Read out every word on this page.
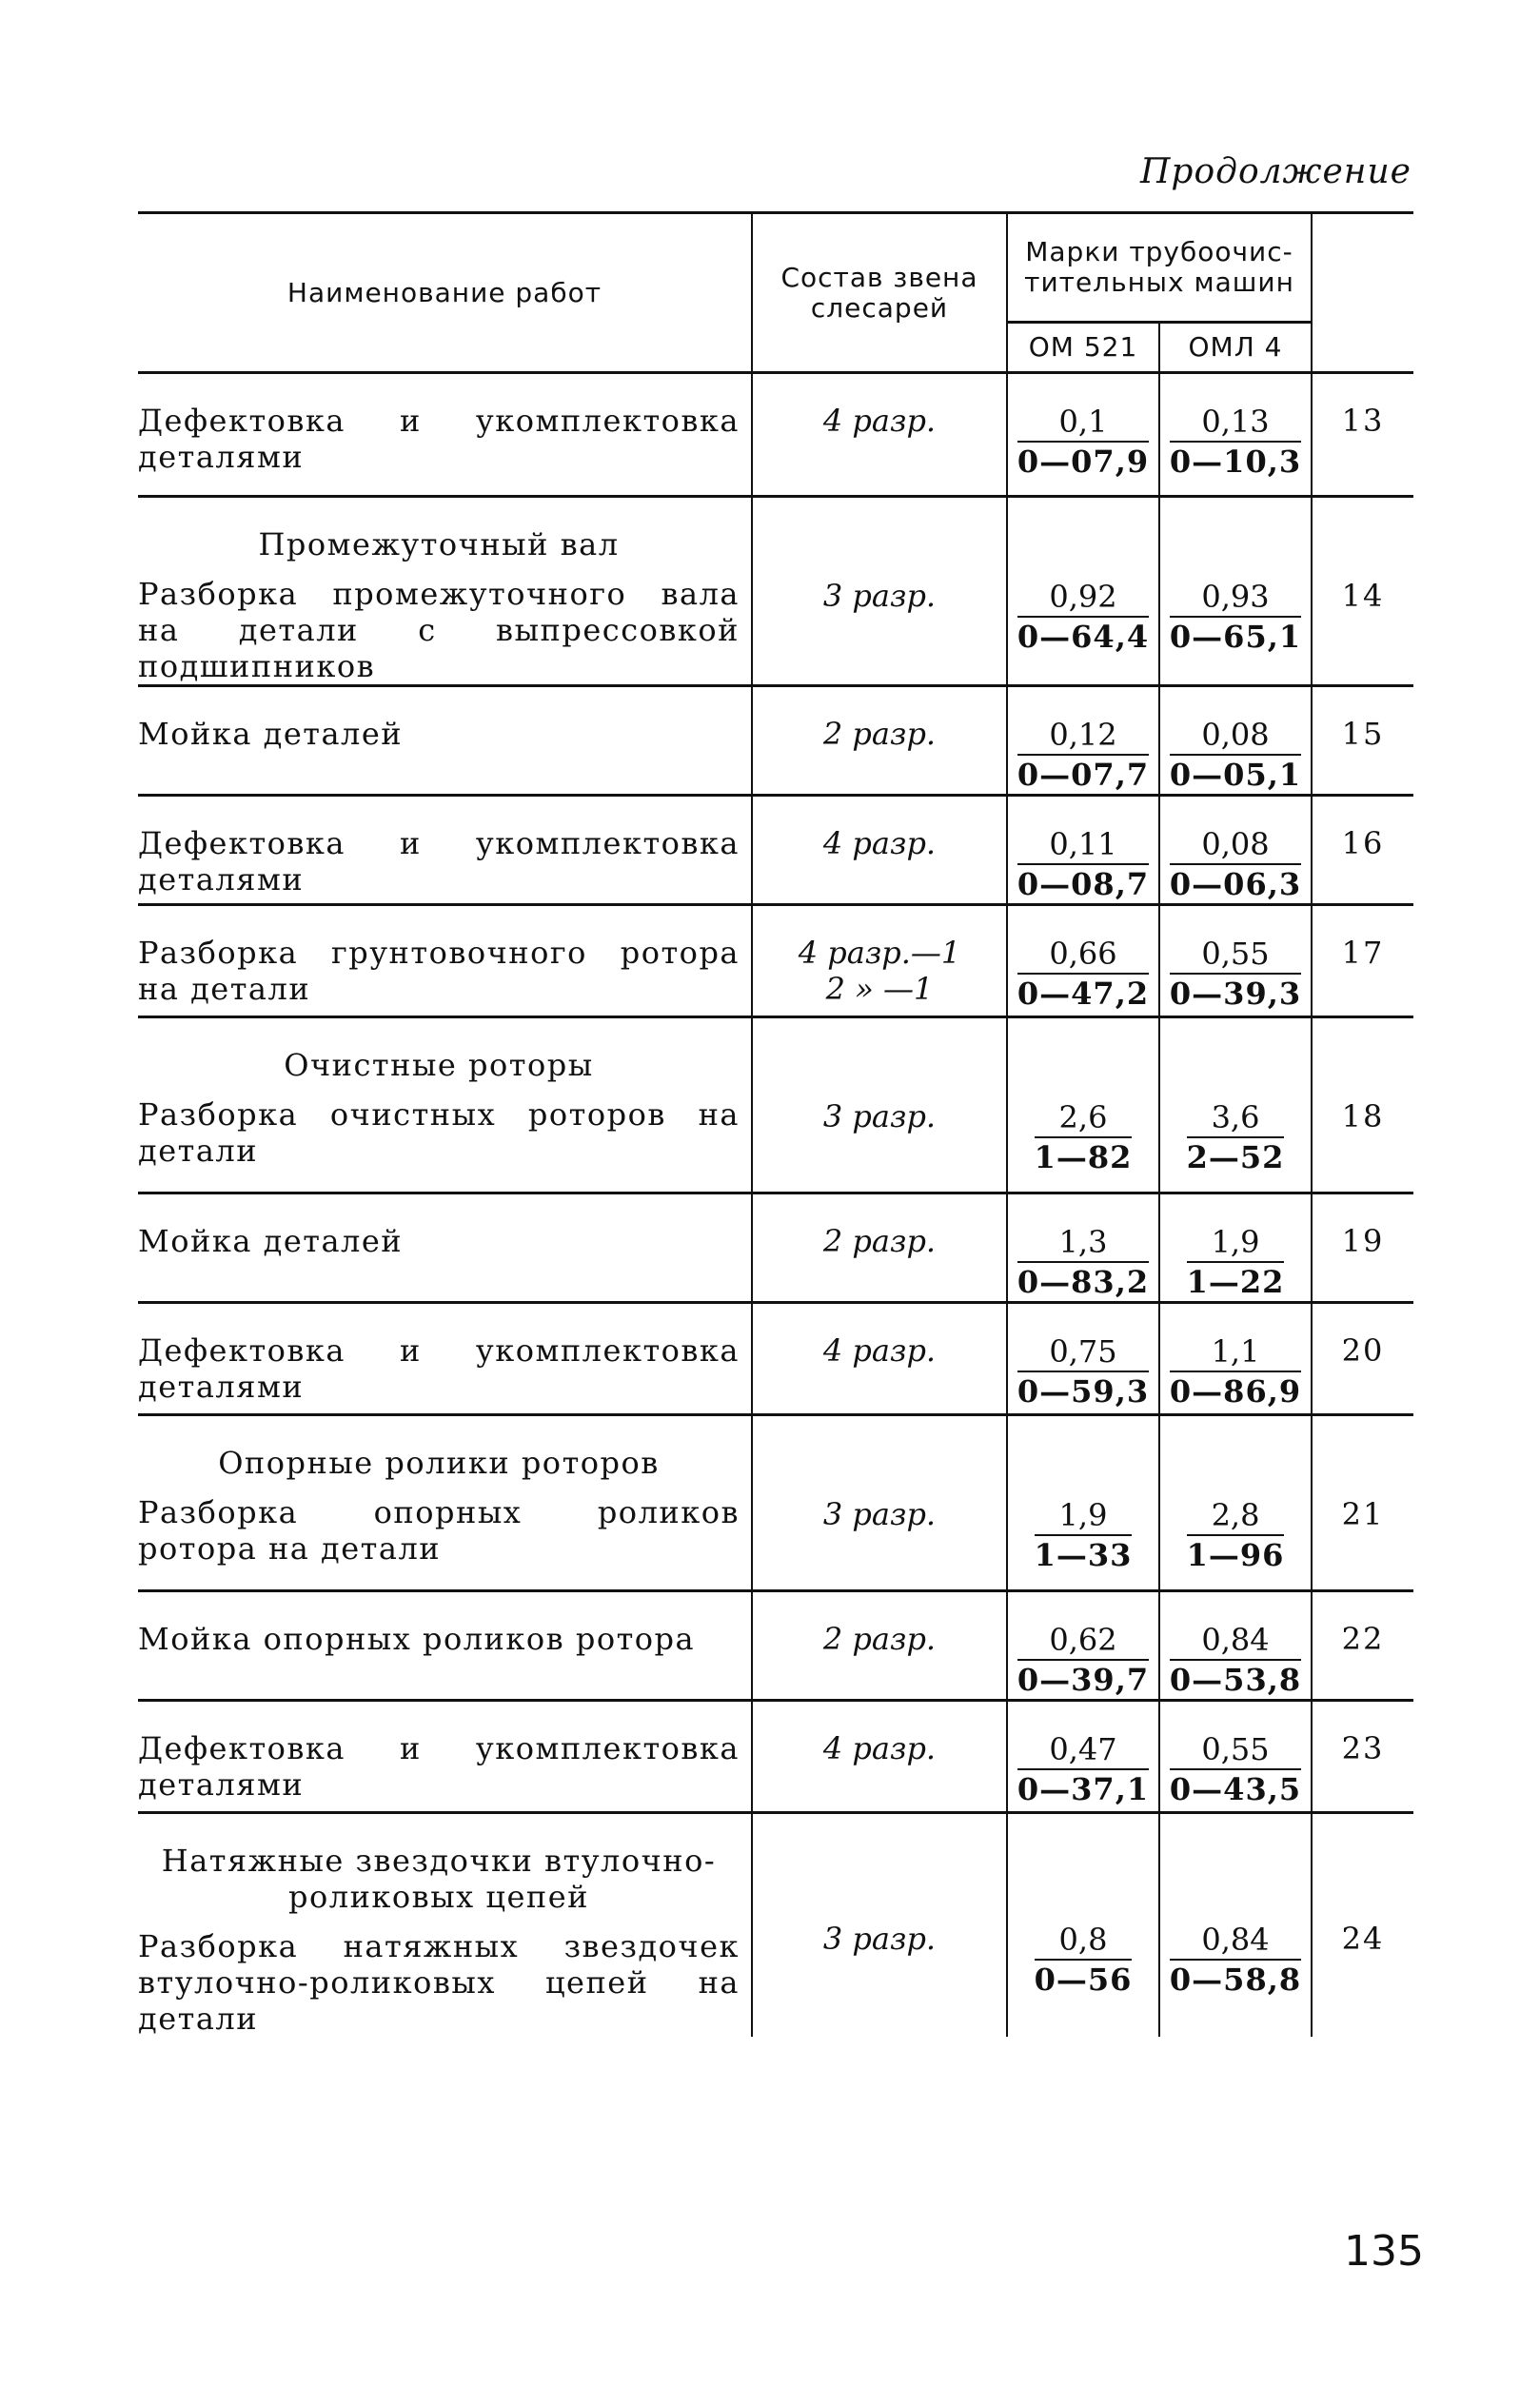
Продолжение
Наименование работ	Состав звена слесарей	Марки трубоочис-тительных машин		
		ОМ 521	ОМЛ 4	
Дефектовка и укомплектовка деталями	4 разр.	$\frac{0,1}{0—07,9}$	$\frac{0,13}{0—10,3}$	13

Промежуточный вал
Разборка промежуточного вала на детали с выпрессовкой подшипников	3 разр.	$\frac{0,92}{0—64,4}$	$\frac{0,93}{0—65,1}$	14
Мойка деталей	2 разр.	$\frac{0,12}{0—07,7}$	$\frac{0,08}{0—05,1}$	15
Дефектовка и укомплектовка деталями	4 разр.	$\frac{0,11}{0—08,7}$	$\frac{0,08}{0—06,3}$	16
Разборка грунтовочного ротора на детали	4 разр.—1
2 » —1	$\frac{0,66}{0—47,2}$	$\frac{0,55}{0—39,3}$	17

Очистные роторы
Разборка очистных роторов на детали	3 разр.	$\frac{2,6}{1—82}$	$\frac{3,6}{2—52}$	18
Мойка деталей	2 разр.	$\frac{1,3}{0—83,2}$	$\frac{1,9}{1—22}$	19
Дефектовка и укомплектовка деталями	4 разр.	$\frac{0,75}{0—59,3}$	$\frac{1,1}{0—86,9}$	20

Опорные ролики роторов
Разборка опорных роликов ротора на детали	3 разр.	$\frac{1,9}{1—33}$	$\frac{2,8}{1—96}$	21
Мойка опорных роликов ротора	2 разр.	$\frac{0,62}{0—39,7}$	$\frac{0,84}{0—53,8}$	22
Дефектовка и укомплектовка деталями	4 разр.	$\frac{0,47}{0—37,1}$	$\frac{0,55}{0—43,5}$	23

Натяжные звездочки втулочно-роликовых цепей
Разборка натяжных звездочек втулочно-роликовых цепей на детали	3 разр.	$\frac{0,8}{0—56}$	$\frac{0,84}{0—58,8}$	24
135
